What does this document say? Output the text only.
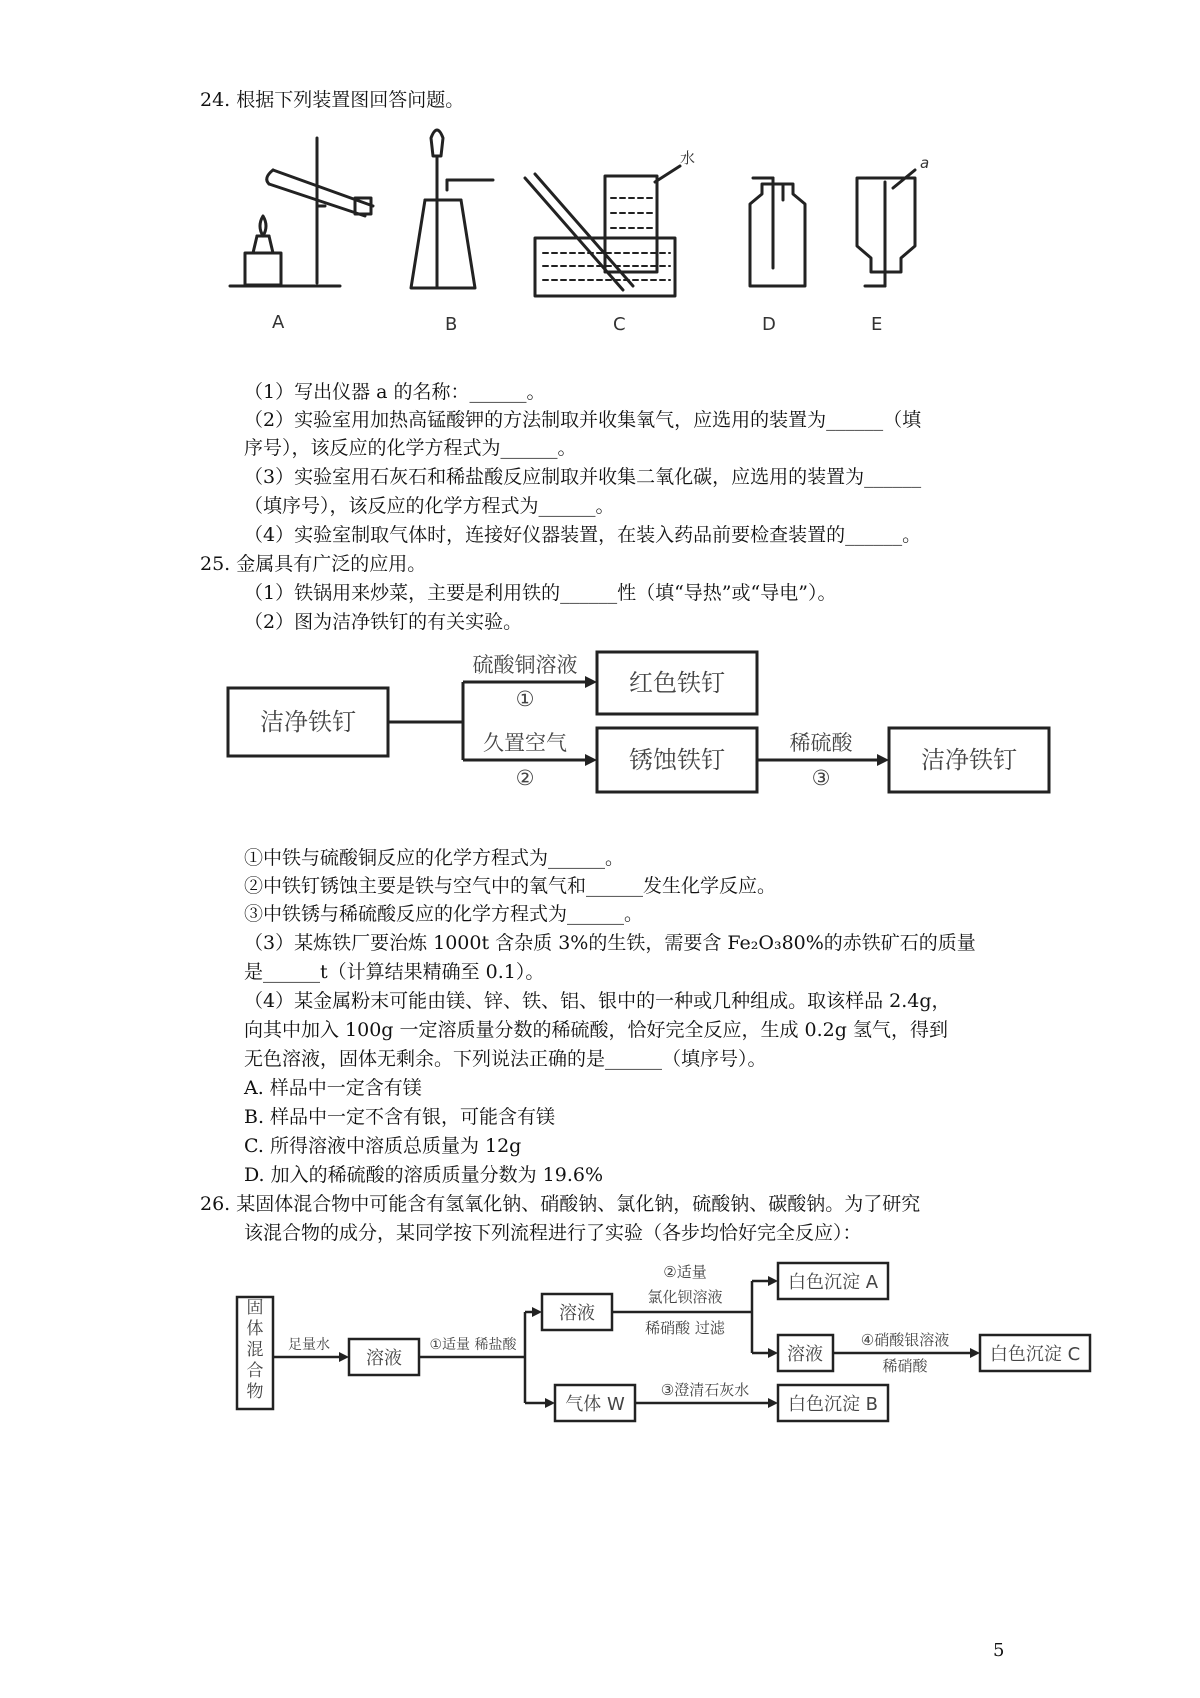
24. 根据下列装置图回答问题。
A	B	C	D	E
水	a
（1）写出仪器 a 的名称：______。
（2）实验室用加热高锰酸钾的方法制取并收集氧气，应选用的装置为______（填
序号），该反应的化学方程式为______。
（3）实验室用石灰石和稀盐酸反应制取并收集二氧化碳，应选用的装置为______
（填序号），该反应的化学方程式为______。
（4）实验室制取气体时，连接好仪器装置，在装入药品前要检查装置的______。
25. 金属具有广泛的应用。
（1）铁锅用来炒菜，主要是利用铁的______性（填“导热”或“导电”）。
（2）图为洁净铁钉的有关实验。
洁净铁钉
红色铁钉
锈蚀铁钉	洁净铁钉
硫酸铜溶液
①
久置空气
②
稀硫酸
③
①中铁与硫酸铜反应的化学方程式为______。
②中铁钉锈蚀主要是铁与空气中的氧气和______发生化学反应。
③中铁锈与稀硫酸反应的化学方程式为______。
（3）某炼铁厂要治炼 1000t 含杂质 3%的生铁，需要含 Fe₂O₃80%的赤铁矿石的质量
是______t（计算结果精确至 0.1）。
（4）某金属粉末可能由镁、锌、铁、铝、银中的一种或几种组成。取该样品 2.4g，
向其中加入 100g 一定溶质量分数的稀硫酸，恰好完全反应，生成 0.2g 氢气，得到
无色溶液，固体无剩余。下列说法正确的是______（填序号）。
A. 样品中一定含有镁
B. 样品中一定不含有银，可能含有镁
C. 所得溶液中溶质总质量为 12g
D. 加入的稀硫酸的溶质质量分数为 19.6%
26. 某固体混合物中可能含有氢氧化钠、硝酸钠、氯化钠，硫酸钠、碳酸钠。为了研究
该混合物的成分，某同学按下列流程进行了实验（各步均恰好完全反应）：
固体混合物
溶液
溶液
气体 W
白色沉淀 A
溶液	白色沉淀 C
白色沉淀 B
足量水	①适量 稀盐酸
②适量
氯化钡溶液
稀硝酸 过滤
④硝酸银溶液
稀硝酸
③澄清石灰水
5
